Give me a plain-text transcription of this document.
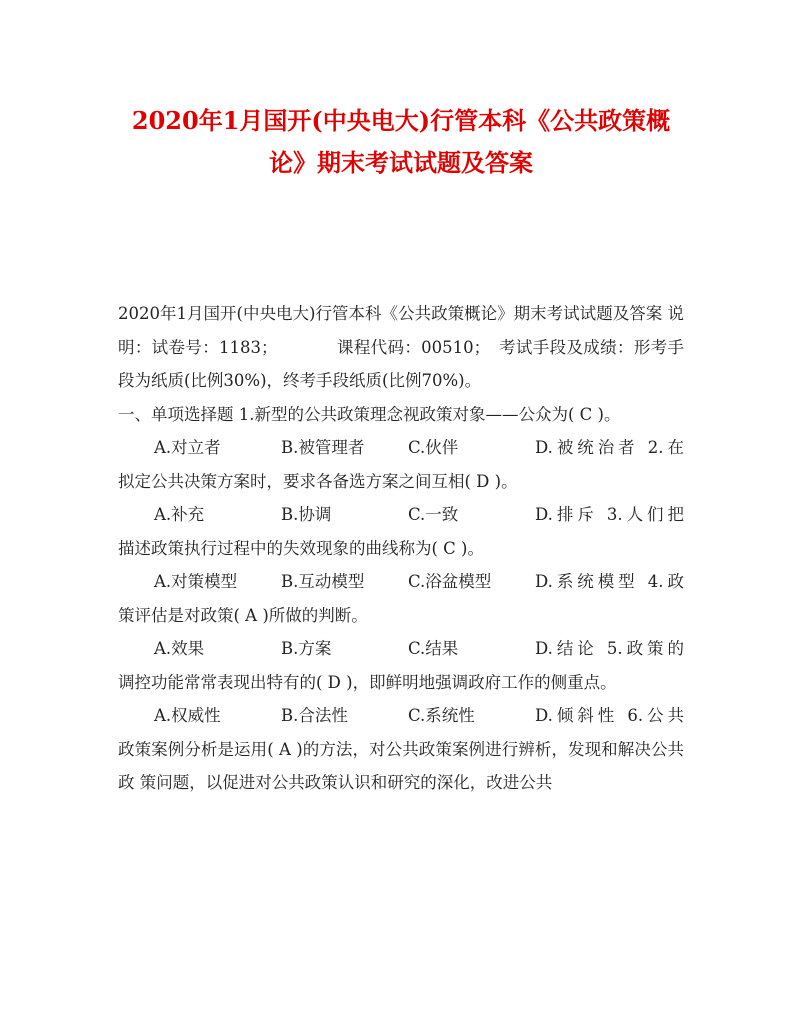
2020年1月国开(中央电大)行管本科《公共政策概论》期末考试试题及答案

2020年1月国开(中央电大)行管本科《公共政策概论》期末考试试题及答案 说明：试卷号：1183；　　　　课程代码：00510；　考试手段及成绩：形考手段为纸质(比例30%)，终考手段纸质(比例70%)。

一、单项选择题 1.新型的公共政策理念视政策对象——公众为( C )。

A.对立者	B.被管理者	C.伙伴	D.被统治者 2.在

拟定公共决策方案时，要求各备选方案之间互相( D )。

A.补充	B.协调	C.一致	D.排斥 3.人们把

描述政策执行过程中的失效现象的曲线称为( C )。

A.对策模型	B.互动模型	C.浴盆模型	D.系统模型 4.政

策评估是对政策( A )所做的判断。

A.效果	B.方案	C.结果	D.结论 5.政策的

调控功能常常表现出特有的( D )，即鲜明地强调政府工作的侧重点。

A.权威性	B.合法性	C.系统性	D.倾斜性 6.公共

政策案例分析是运用( A )的方法，对公共政策案例进行辨析，发现和解决公共政 策问题，以促进对公共政策认识和研究的深化，改进公共
